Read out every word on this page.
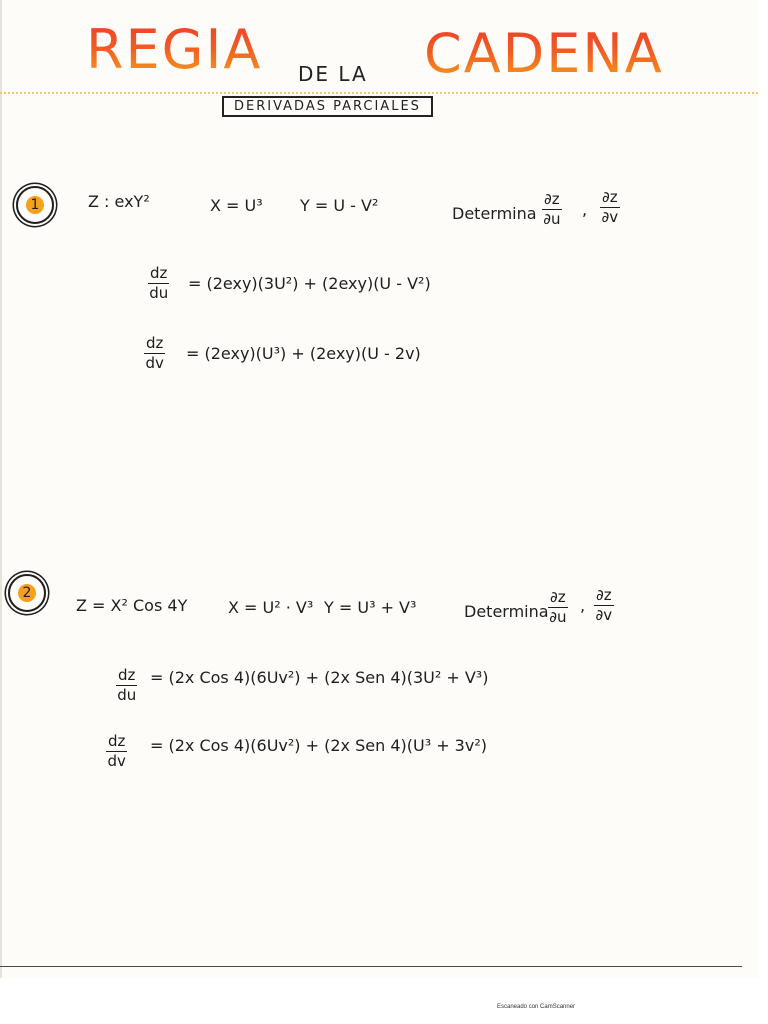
REGIA DE LA CADENA
DERIVADAS PARCIALES
1	Z : exY²	X = U³ Y = U - V²	Determina $\frac{\partial z}{\partial u}$ , $\frac{\partial z}{\partial v}$
$\frac{dz}{du} = (2exy)(3U^2) + (2exy)(U - V^2)$
$\frac{dz}{dv} = (2exy)(U^3) + (2exy)(U - 2v)$
2
Z = X² Cos 4Y	X = U² · V³ Y = U³ + V³	Determina $\frac{\partial z}{\partial u}$ , $\frac{\partial z}{\partial v}$
$\frac{dz}{du} = (2x$ Cos 4)(6Uv²) + (2x Sen 4)(3U² + V³)
$\frac{dz}{dv} = (2x$ Cos 4)(6Uv²) + (2x Sen 4)(U³ + 3v²)
Escaneado con CamScanner
